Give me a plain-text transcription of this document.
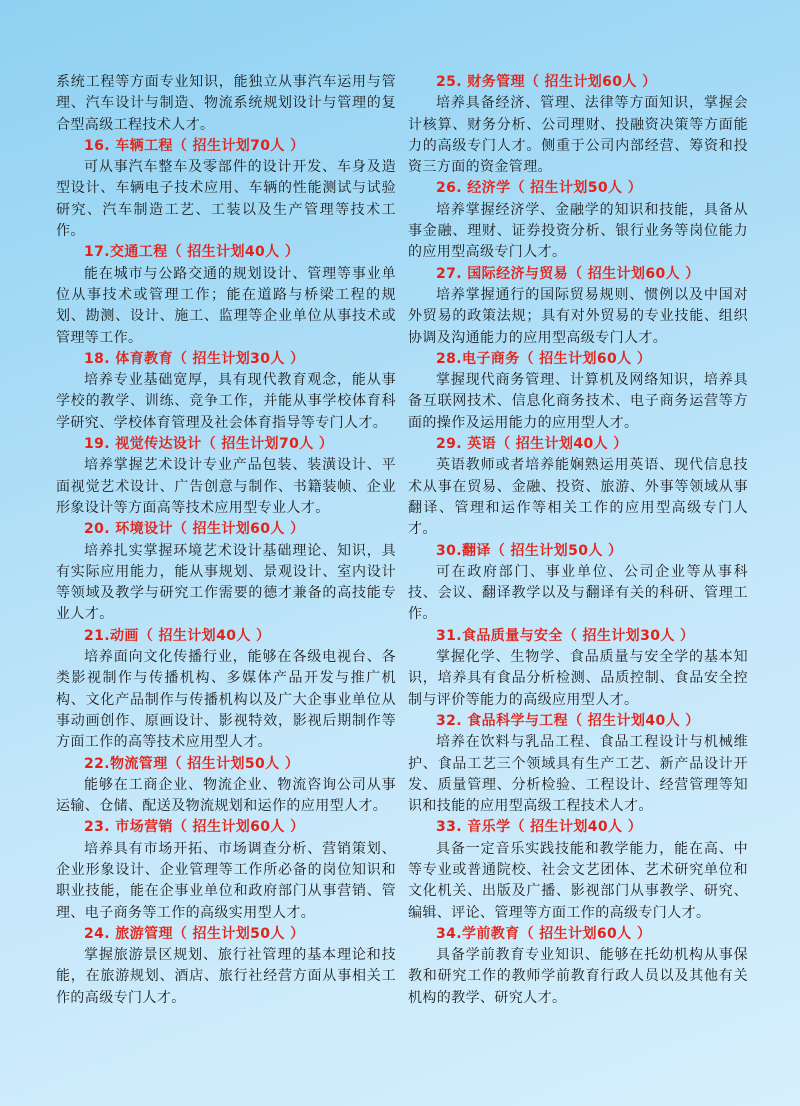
系统工程等方面专业知识，能独立从事汽车运用与管理、汽车设计与制造、物流系统规划设计与管理的复合型高级工程技术人才。

16. 车辆工程（ 招生计划70人 ）

可从事汽车整车及零部件的设计开发、车身及造型设计、车辆电子技术应用、车辆的性能测试与试验研究、汽车制造工艺、工装以及生产管理等技术工作。

17.交通工程（ 招生计划40人 ）

能在城市与公路交通的规划设计、管理等事业单位从事技术或管理工作；能在道路与桥梁工程的规划、勘测、设计、施工、监理等企业单位从事技术或管理等工作。

18. 体育教育（ 招生计划30人 ）

培养专业基础宽厚，具有现代教育观念，能从事学校的教学、训练、竞争工作，并能从事学校体育科学研究、学校体育管理及社会体育指导等专门人才。

19. 视觉传达设计（ 招生计划70人 ）

培养掌握艺术设计专业产品包装、装潢设计、平面视觉艺术设计、广告创意与制作、书籍装帧、企业形象设计等方面高等技术应用型专业人才。

20. 环境设计（ 招生计划60人 ）

培养扎实掌握环境艺术设计基础理论、知识，具有实际应用能力，能从事规划、景观设计、室内设计等领域及教学与研究工作需要的德才兼备的高技能专业人才。

21.动画（ 招生计划40人 ）

培养面向文化传播行业，能够在各级电视台、各类影视制作与传播机构、多媒体产品开发与推广机构、文化产品制作与传播机构以及广大企事业单位从事动画创作、原画设计、影视特效，影视后期制作等方面工作的高等技术应用型人才。

22.物流管理（ 招生计划50人 ）

能够在工商企业、物流企业、物流咨询公司从事运输、仓储、配送及物流规划和运作的应用型人才。

23. 市场营销（ 招生计划60人 ）

培养具有市场开拓、市场调查分析、营销策划、企业形象设计、企业管理等工作所必备的岗位知识和职业技能，能在企事业单位和政府部门从事营销、管理、电子商务等工作的高级实用型人才。

24. 旅游管理（ 招生计划50人 ）

掌握旅游景区规划、旅行社管理的基本理论和技能，在旅游规划、酒店、旅行社经营方面从事相关工作的高级专门人才。

25. 财务管理（ 招生计划60人 ）

培养具备经济、管理、法律等方面知识，掌握会计核算、财务分析、公司理财、投融资决策等方面能力的高级专门人才。侧重于公司内部经营、筹资和投资三方面的资金管理。

26. 经济学（ 招生计划50人 ）

培养掌握经济学、金融学的知识和技能，具备从事金融、理财、证券投资分析、银行业务等岗位能力的应用型高级专门人才。

27. 国际经济与贸易（ 招生计划60人 ）

培养掌握通行的国际贸易规则、惯例以及中国对外贸易的政策法规；具有对外贸易的专业技能、组织协调及沟通能力的应用型高级专门人才。

28.电子商务（ 招生计划60人 ）

掌握现代商务管理、计算机及网络知识，培养具备互联网技术、信息化商务技术、电子商务运营等方面的操作及运用能力的应用型人才。

29. 英语（ 招生计划40人 ）

英语教师或者培养能娴熟运用英语、现代信息技术从事在贸易、金融、投资、旅游、外事等领域从事翻译、管理和运作等相关工作的应用型高级专门人才。

30.翻译（ 招生计划50人 ）

可在政府部门、事业单位、公司企业等从事科技、会议、翻译教学以及与翻译有关的科研、管理工作。

31.食品质量与安全（ 招生计划30人 ）

掌握化学、生物学、食品质量与安全学的基本知识，培养具有食品分析检测、品质控制、食品安全控制与评价等能力的高级应用型人才。

32. 食品科学与工程（ 招生计划40人 ）

培养在饮料与乳品工程、食品工程设计与机械维护、食品工艺三个领域具有生产工艺、新产品设计开发、质量管理、分析检验、工程设计、经营管理等知识和技能的应用型高级工程技术人才。

33. 音乐学（ 招生计划40人 ）

具备一定音乐实践技能和教学能力，能在高、中等专业或普通院校、社会文艺团体、艺术研究单位和文化机关、出版及广播、影视部门从事教学、研究、编辑、评论、管理等方面工作的高级专门人才。

34.学前教育（ 招生计划60人 ）

具备学前教育专业知识、能够在托幼机构从事保教和研究工作的教师学前教育行政人员以及其他有关机构的教学、研究人才。
